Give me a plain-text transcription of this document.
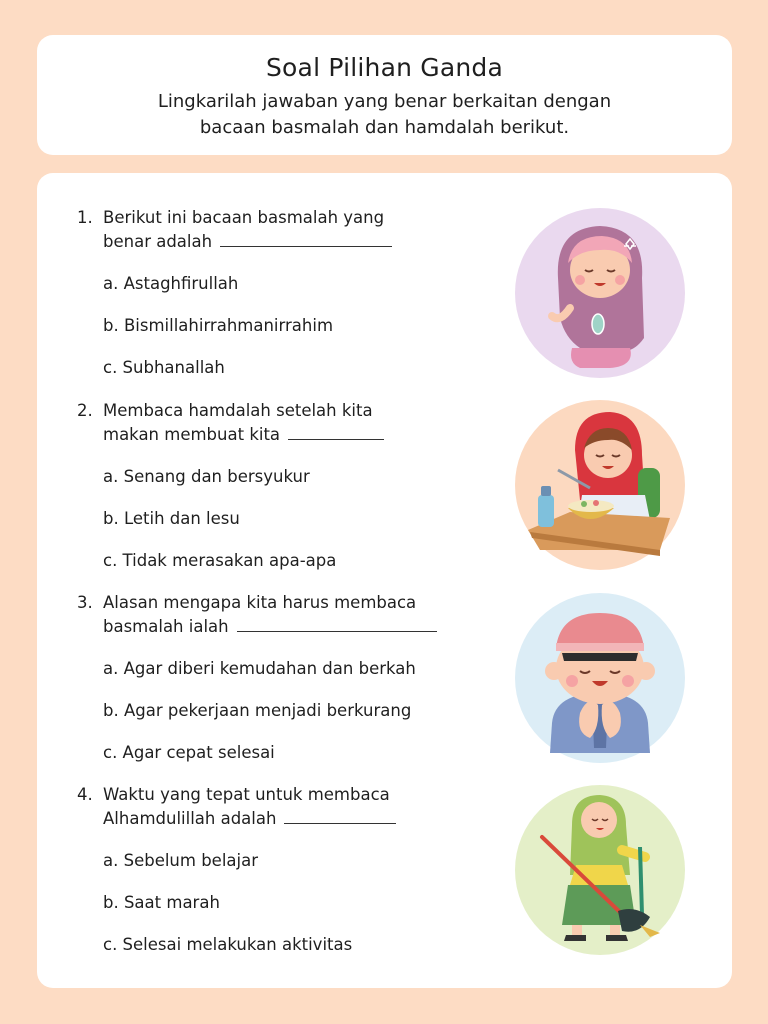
Soal Pilihan Ganda
Lingkarilah jawaban yang benar berkaitan dengan
bacaan basmalah dan hamdalah berikut.
1. Berikut ini bacaan basmalah yang
benar adalah
a. Astaghfirullah
b. Bismillahirrahmanirrahim
c. Subhanallah
2. Membaca hamdalah setelah kita
makan membuat kita
a. Senang dan bersyukur
b. Letih dan lesu
c. Tidak merasakan apa-apa
3. Alasan mengapa kita harus membaca
basmalah ialah
a. Agar diberi kemudahan dan berkah
b. Agar pekerjaan menjadi berkurang
c. Agar cepat selesai
4. Waktu yang tepat untuk membaca
Alhamdulillah adalah
a. Sebelum belajar
b. Saat marah
c. Selesai melakukan aktivitas
